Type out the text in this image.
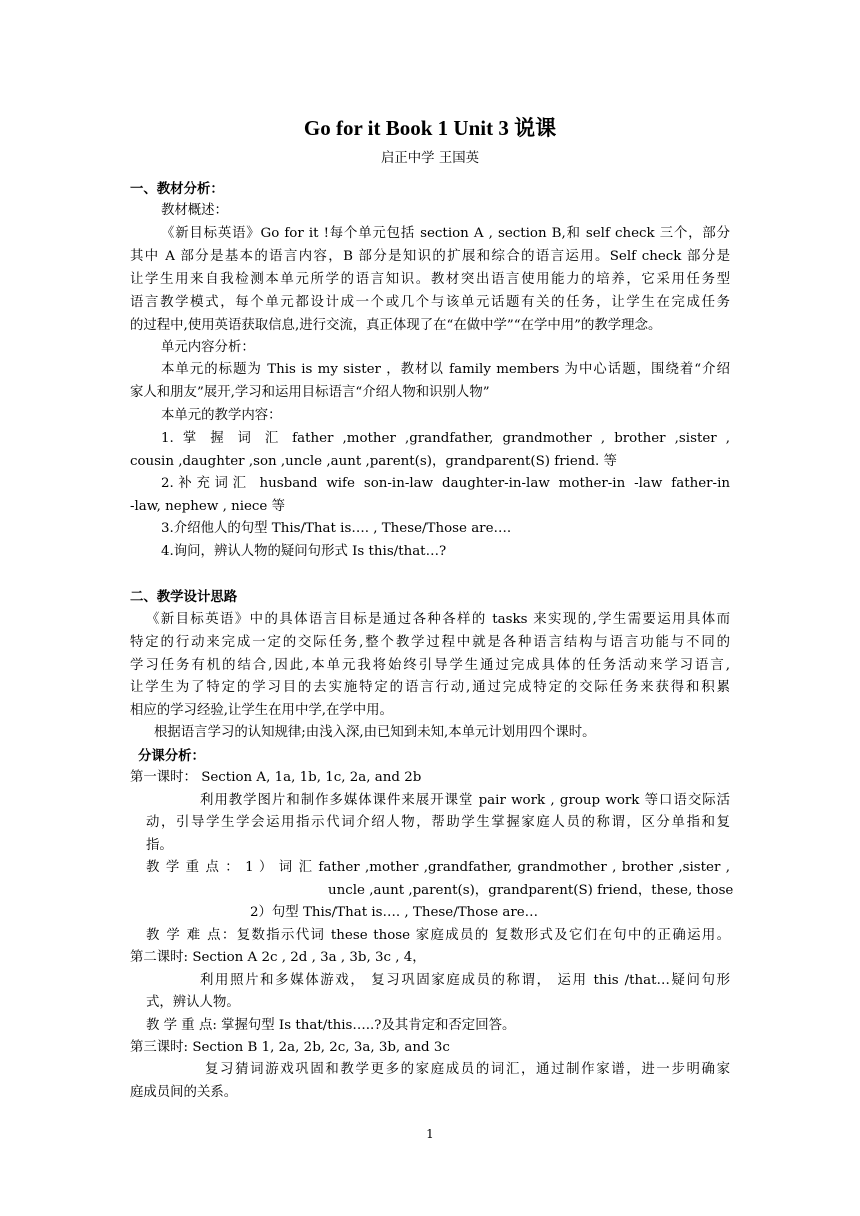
Go for it Book 1 Unit 3 说课
启正中学 王国英
一、教材分析：
教材概述：
《新目标英语》Go for it !每个单元包括 section A , section B,和 self check 三个，部分
其中 A 部分是基本的语言内容，B 部分是知识的扩展和综合的语言运用。Self check 部分是
让学生用来自我检测本单元所学的语言知识。教材突出语言使用能力的培养，它采用任务型
语言教学模式，每个单元都设计成一个或几个与该单元话题有关的任务，让学生在完成任务
的过程中,使用英语获取信息,进行交流，真正体现了在“在做中学”“在学中用”的教学理念。
单元内容分析：
本单元的标题为 This is my sister ，教材以 family members 为中心话题，围绕着“介绍
家人和朋友”展开,学习和运用目标语言“介绍人物和识别人物”
本单元的教学内容：
1. 掌 握 词 汇 father ,mother ,grandfather, grandmother , brother ,sister ,
cousin ,daughter ,son ,uncle ,aunt ,parent(s)，grandparent(S) friend. 等
2.补充词汇 husband wife son-in-law daughter-in-law mother-in -law father-in
-law, nephew , niece 等
3.介绍他人的句型 This/That is…. , These/Those are….
4.询问，辨认人物的疑问句形式 Is this/that…?
二、教学设计思路
《新目标英语》中的具体语言目标是通过各种各样的 tasks 来实现的,学生需要运用具体而
特定的行动来完成一定的交际任务,整个教学过程中就是各种语言结构与语言功能与不同的
学习任务有机的结合,因此,本单元我将始终引导学生通过完成具体的任务活动来学习语言,
让学生为了特定的学习目的去实施特定的语言行动,通过完成特定的交际任务来获得和积累
相应的学习经验,让学生在用中学,在学中用。
根据语言学习的认知规律;由浅入深,由已知到未知,本单元计划用四个课时。
分课分析：
第一课时： Section A, 1a, 1b, 1c, 2a, and 2b
利用教学图片和制作多媒体课件来展开课堂 pair work , group work 等口语交际活
动，引导学生学会运用指示代词介绍人物，帮助学生掌握家庭人员的称谓，区分单指和复
指。
教 学 重 点 ： 1 ） 词 汇 father ,mother ,grandfather, grandmother , brother ,sister ,
uncle ,aunt ,parent(s)，grandparent(S) friend，these, those
2）句型 This/That is…. , These/Those are…
教 学 难 点：复数指示代词 these those 家庭成员的 复数形式及它们在句中的正确运用。
第二课时: Section A 2c , 2d , 3a , 3b, 3c , 4，
利用照片和多媒体游戏， 复习巩固家庭成员的称谓， 运用 this /that…疑问句形
式，辨认人物。
教 学 重 点: 掌握句型 Is that/this…..?及其肯定和否定回答。
第三课时: Section B 1, 2a, 2b, 2c, 3a, 3b, and 3c
复习猜词游戏巩固和教学更多的家庭成员的词汇，通过制作家谱，进一步明确家
庭成员间的关系。
1
